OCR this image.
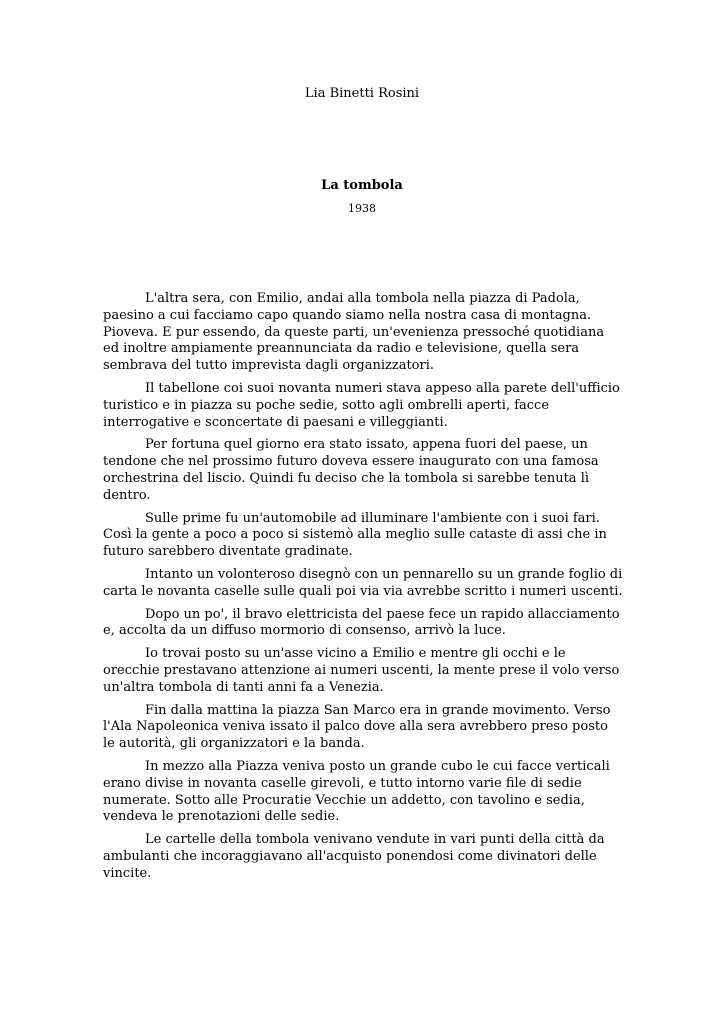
Lia Binetti Rosini
La tombola
1938

L'altra sera, con Emilio, andai alla tombola nella piazza di Padola, paesino a cui facciamo capo quando siamo nella nostra casa di montagna. Pioveva. E pur essendo, da queste parti, un'evenienza pressoché quotidiana ed inoltre ampiamente preannunciata da radio e televisione, quella sera sembrava del tutto imprevista dagli organizzatori.

Il tabellone coi suoi novanta numeri stava appeso alla parete dell'ufficio turistico e in piazza su poche sedie, sotto agli ombrelli aperti, facce interrogative e sconcertate di paesani e villeggianti.

Per fortuna quel giorno era stato issato, appena fuori del paese, un tendone che nel prossimo futuro doveva essere inaugurato con una famosa orchestrina del liscio. Quindi fu deciso che la tombola si sarebbe tenuta lì dentro.

Sulle prime fu un'automobile ad illuminare l'ambiente con i suoi fari. Così la gente a poco a poco si sistemò alla meglio sulle cataste di assi che in futuro sarebbero diventate gradinate.

Intanto un volonteroso disegnò con un pennarello su un grande foglio di carta le novanta caselle sulle quali poi via via avrebbe scritto i numeri uscenti.

Dopo un po', il bravo elettricista del paese fece un rapido allacciamento e, accolta da un diffuso mormorio di consenso, arrivò la luce.

Io trovai posto su un'asse vicino a Emilio e mentre gli occhi e le orecchie prestavano attenzione ai numeri uscenti, la mente prese il volo verso un'altra tombola di tanti anni fa a Venezia.

Fin dalla mattina la piazza San Marco era in grande movimento. Verso l'Ala Napoleonica veniva issato il palco dove alla sera avrebbero preso posto le autorità, gli organizzatori e la banda.

In mezzo alla Piazza veniva posto un grande cubo le cui facce verticali erano divise in novanta caselle girevoli, e tutto intorno varie file di sedie numerate. Sotto alle Procuratie Vecchie un addetto, con tavolino e sedia, vendeva le prenotazioni delle sedie.

Le cartelle della tombola venivano vendute in vari punti della città da ambulanti che incoraggiavano all'acquisto ponendosi come divinatori delle vincite.
